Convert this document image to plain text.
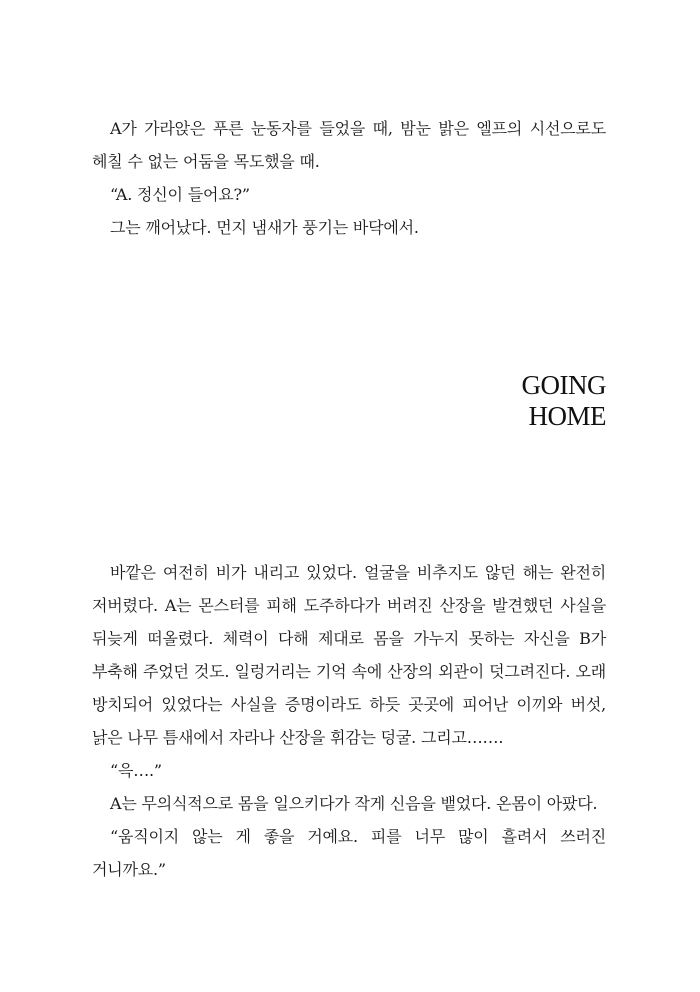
A가 가라앉은 푸른 눈동자를 들었을 때, 밤눈 밝은 엘프의 시선으로도 헤칠 수 없는 어둠을 목도했을 때.

“A. 정신이 들어요?”

그는 깨어났다. 먼지 냄새가 풍기는 바닥에서.

GOING
HOME

바깥은 여전히 비가 내리고 있었다. 얼굴을 비추지도 않던 해는 완전히 저버렸다. A는 몬스터를 피해 도주하다가 버려진 산장을 발견했던 사실을 뒤늦게 떠올렸다. 체력이 다해 제대로 몸을 가누지 못하는 자신을 B가 부축해 주었던 것도. 일렁거리는 기억 속에 산장의 외관이 덧그려진다. 오래 방치되어 있었다는 사실을 증명이라도 하듯 곳곳에 피어난 이끼와 버섯, 낡은 나무 틈새에서 자라나 산장을 휘감는 덩굴. 그리고…….

“윽….”

A는 무의식적으로 몸을 일으키다가 작게 신음을 뱉었다. 온몸이 아팠다.

“움직이지 않는 게 좋을 거예요. 피를 너무 많이 흘려서 쓰러진 거니까요.”
